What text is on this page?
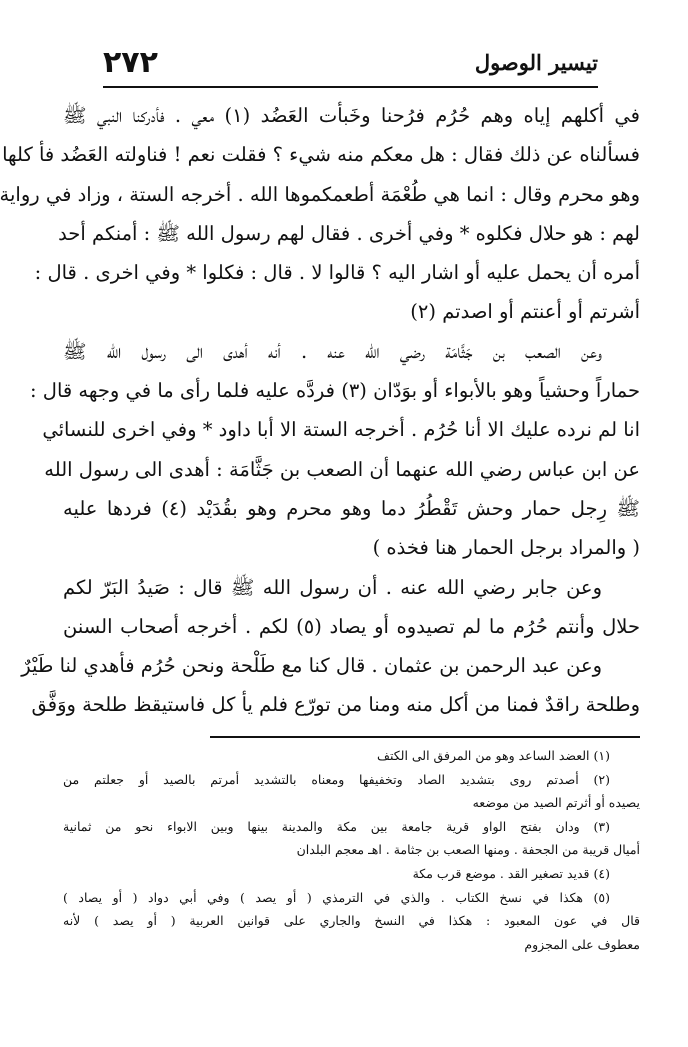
تيسير الوصول
٢٧٢
في أكلهم إياه وهم حُرُم فرُحنا وخَبأت العَضُد (١) معي . فأدركنا النبي ﷺ
فسألناه عن ذلك فقال : هل معكم منه شيء ؟ فقلت نعم ! فناولته العَضُد فأ كلها
وهو محرم وقال : انما هي طُعْمَة أطعمكموها الله . أخرجه الستة ، وزاد في رواية
لهم : هو حلال فكلوه * وفي أخرى . فقال لهم رسول الله ﷺ : أمنكم أحد
أمره أن يحمل عليه أو اشار اليه ؟ قالوا لا . قال : فكلوا * وفي اخرى . قال :
أشرتم أو أعنتم أو اصدتم (٢)
وعن الصعب بن جَثَّامَة رضي الله عنه . أنه أهدى الى رسول الله ﷺ
حماراً وحشياً وهو بالأبواء أو بوَدّان (٣) فردَّه عليه فلما رأى ما في وجهه قال :
انا لم نرده عليك الا أنا حُرُم . أخرجه الستة الا أبا داود * وفي اخرى للنسائي
عن ابن عباس رضي الله عنهما أن الصعب بن جَثَّامَة : أهدى الى رسول الله
ﷺ رِجل حمار وحش تَقْطُرُ دما وهو محرم وهو بقُدَيْد (٤) فردها عليه
( والمراد برجل الحمار هنا فخذه )
وعن جابر رضي الله عنه . أن رسول الله ﷺ قال : صَيدُ البَرّ لكم
حلال وأنتم حُرُم ما لم تصيدوه أو يصاد (٥) لكم . أخرجه أصحاب السنن
وعن عبد الرحمن بن عثمان . قال كنا مع طَلْحة ونحن حُرُم فأهدي لنا طَيْرٌ
وطلحة راقدٌ فمنا من أكل منه ومنا من تورّع فلم يأ كل فاستيقظ طلحة ووَفَّق
(١) العضد الساعد وهو من المرفق الى الكتف
(٢) أصدتم روى بتشديد الصاد وتخفيفها ومعناه بالتشديد أمرتم بالصيد أو جعلتم من
يصيده أو أثرتم الصيد من موضعه
(٣) ودان بفتح الواو قرية جامعة بين مكة والمدينة بينها وبين الابواء نحو من ثمانية
أميال قريبة من الجحفة . ومنها الصعب بن جثامة . اهـ معجم البلدان
(٤) قديد تصغير القد . موضع قرب مكة
(٥) هكذا في نسخ الكتاب . والذي في الترمذي ( أو يصد ) وفي أبي دواد ( أو يصاد )
قال في عون المعبود : هكذا في النسخ والجاري على قوانين العربية ( أو يصد ) لأنه
معطوف على المجزوم
